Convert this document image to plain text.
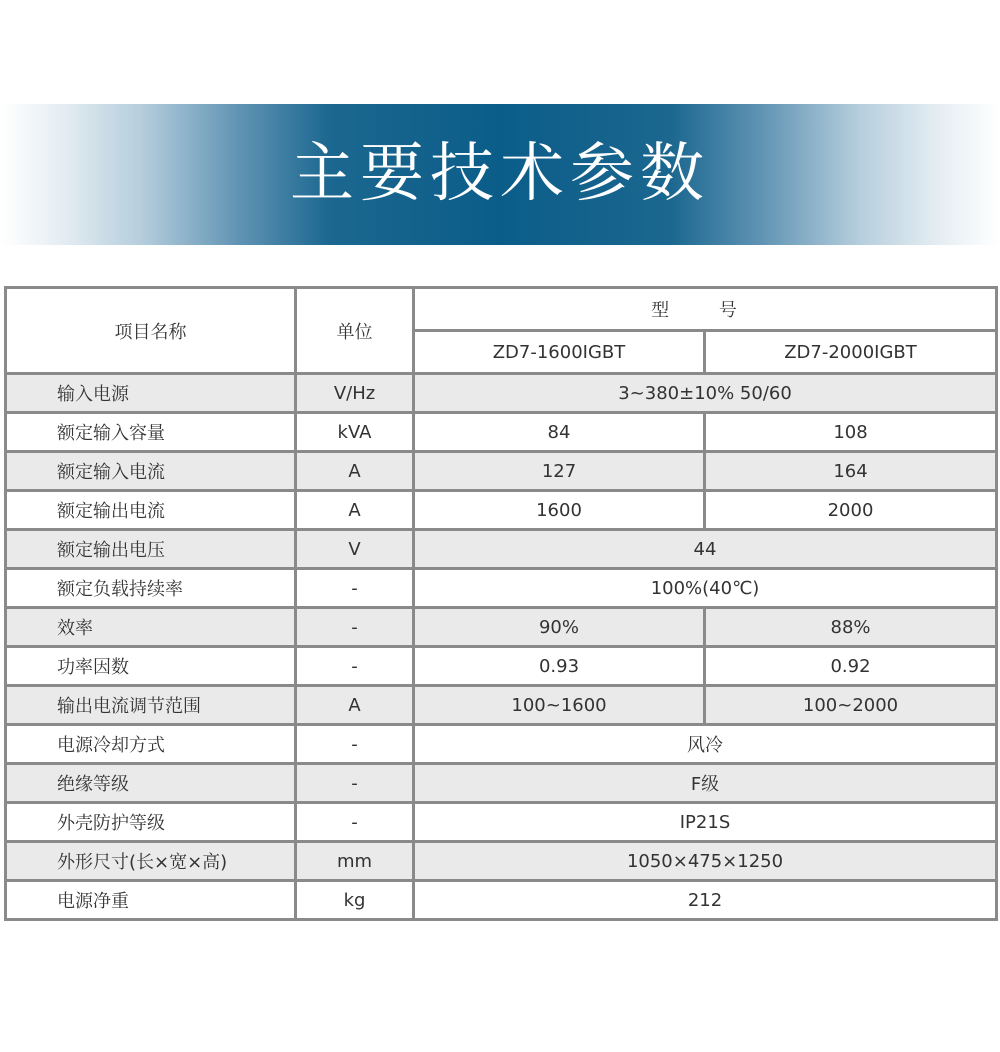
主要技术参数
项目名称	单位	型 号	
		ZD7-1600IGBT	ZD7-2000IGBT
输入电源	V/Hz	3~380±10% 50/60	
额定输入容量	kVA	84	108
额定输入电流	A	127	164
额定输出电流	A	1600	2000
额定输出电压	V	44	
额定负载持续率	-	100%(40℃)	
效率	-	90%	88%
功率因数	-	0.93	0.92
输出电流调节范围	A	100~1600	100~2000
电源冷却方式	-	风冷	
绝缘等级	-	F级	
外壳防护等级	-	IP21S	
外形尺寸(长×宽×高)	mm	1050×475×1250	
电源净重	kg	212	
